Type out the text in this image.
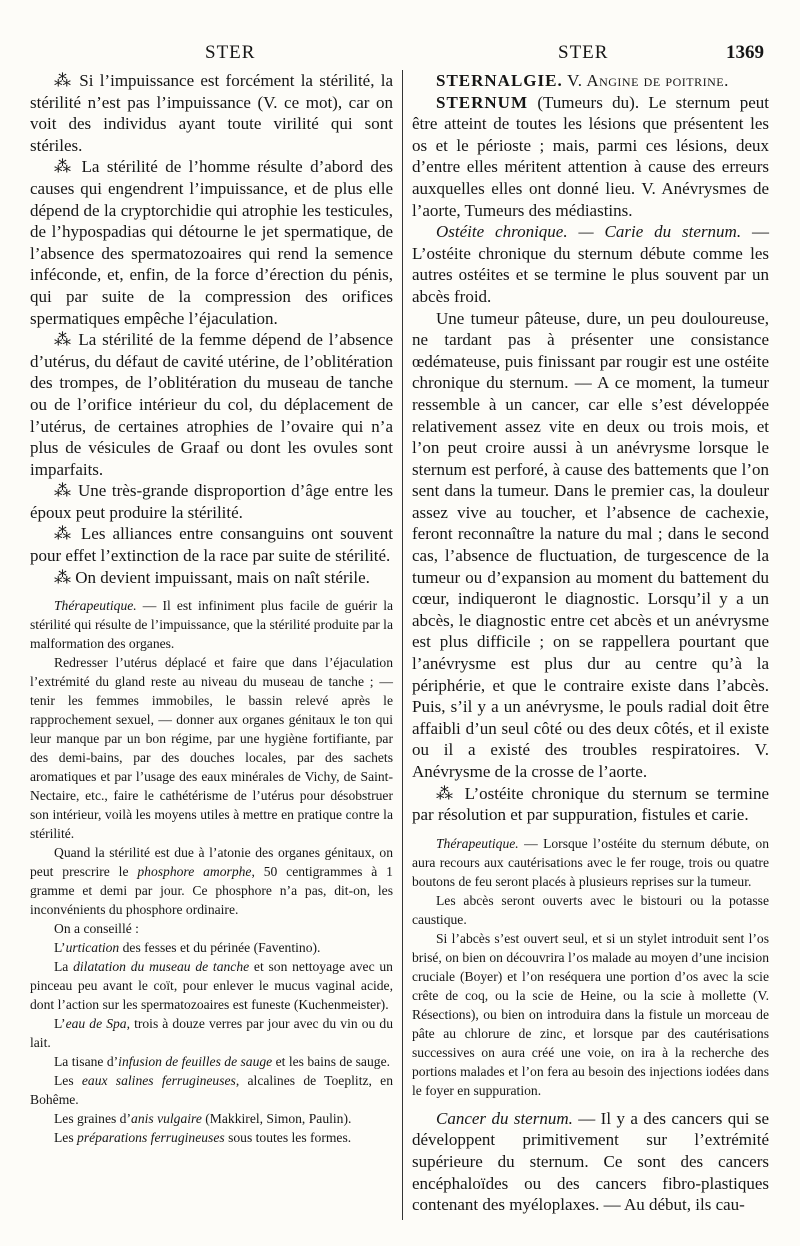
STER	STER	1369

⁂ Si l’impuissance est forcément la stérilité, la stérilité n’est pas l’impuissance (V. ce mot), car on voit des individus ayant toute virilité qui sont stériles.

⁂ La stérilité de l’homme résulte d’abord des causes qui engendrent l’impuissance, et de plus elle dépend de la cryptorchidie qui atrophie les testicules, de l’hypospadias qui détourne le jet spermatique, de l’absence des spermatozoaires qui rend la semence inféconde, et, enfin, de la force d’érection du pénis, qui par suite de la compression des orifices spermatiques empêche l’éjaculation.

⁂ La stérilité de la femme dépend de l’absence d’utérus, du défaut de cavité utérine, de l’oblitération des trompes, de l’oblitération du museau de tanche ou de l’orifice intérieur du col, du déplacement de l’utérus, de certaines atrophies de l’ovaire qui n’a plus de vésicules de Graaf ou dont les ovules sont imparfaits.

⁂ Une très-grande disproportion d’âge entre les époux peut produire la stérilité.

⁂ Les alliances entre consanguins ont souvent pour effet l’extinction de la race par suite de stérilité.

⁂ On devient impuissant, mais on naît stérile.

Thérapeutique. — Il est infiniment plus facile de guérir la stérilité qui résulte de l’impuissance, que la stérilité produite par la malformation des organes.

Redresser l’utérus déplacé et faire que dans l’éjaculation l’extrémité du gland reste au niveau du museau de tanche ; — tenir les femmes immobiles, le bassin relevé après le rapprochement sexuel, — donner aux organes génitaux le ton qui leur manque par un bon régime, par une hygiène fortifiante, par des demi-bains, par des douches locales, par des sachets aromatiques et par l’usage des eaux minérales de Vichy, de Saint-Nectaire, etc., faire le cathétérisme de l’utérus pour désobstruer son intérieur, voilà les moyens utiles à mettre en pratique contre la stérilité.

Quand la stérilité est due à l’atonie des organes génitaux, on peut prescrire le phosphore amorphe, 50 centigrammes à 1 gramme et demi par jour. Ce phosphore n’a pas, dit-on, les inconvénients du phosphore ordinaire.

On a conseillé :

L’urtication des fesses et du périnée (Faventino).

La dilatation du museau de tanche et son nettoyage avec un pinceau peu avant le coït, pour enlever le mucus vaginal acide, dont l’action sur les spermatozoaires est funeste (Kuchenmeister).

L’eau de Spa, trois à douze verres par jour avec du vin ou du lait.

La tisane d’infusion de feuilles de sauge et les bains de sauge.

Les eaux salines ferrugineuses, alcalines de Toeplitz, en Bohême.

Les graines d’anis vulgaire (Makkirel, Simon, Paulin).

Les préparations ferrugineuses sous toutes les formes.

STERNALGIE. V. Angine de poitrine.

STERNUM (Tumeurs du). Le sternum peut être atteint de toutes les lésions que présentent les os et le périoste ; mais, parmi ces lésions, deux d’entre elles méritent attention à cause des erreurs auxquelles elles ont donné lieu. V. Anévrysmes de l’aorte, Tumeurs des médiastins.

Ostéite chronique. — Carie du sternum. — L’ostéite chronique du sternum débute comme les autres ostéites et se termine le plus souvent par un abcès froid.

Une tumeur pâteuse, dure, un peu douloureuse, ne tardant pas à présenter une consistance œdémateuse, puis finissant par rougir est une ostéite chronique du sternum. — A ce moment, la tumeur ressemble à un cancer, car elle s’est développée relativement assez vite en deux ou trois mois, et l’on peut croire aussi à un anévrysme lorsque le sternum est perforé, à cause des battements que l’on sent dans la tumeur. Dans le premier cas, la douleur assez vive au toucher, et l’absence de cachexie, feront reconnaître la nature du mal ; dans le second cas, l’absence de fluctuation, de turgescence de la tumeur ou d’expansion au moment du battement du cœur, indiqueront le diagnostic. Lorsqu’il y a un abcès, le diagnostic entre cet abcès et un anévrysme est plus difficile ; on se rappellera pourtant que l’anévrysme est plus dur au centre qu’à la périphérie, et que le contraire existe dans l’abcès. Puis, s’il y a un anévrysme, le pouls radial doit être affaibli d’un seul côté ou des deux côtés, et il existe ou il a existé des troubles respiratoires. V. Anévrysme de la crosse de l’aorte.

⁂ L’ostéite chronique du sternum se termine par résolution et par suppuration, fistules et carie.

Thérapeutique. — Lorsque l’ostéite du sternum débute, on aura recours aux cautérisations avec le fer rouge, trois ou quatre boutons de feu seront placés à plusieurs reprises sur la tumeur.

Les abcès seront ouverts avec le bistouri ou la potasse caustique.

Si l’abcès s’est ouvert seul, et si un stylet introduit sent l’os brisé, on bien on découvrira l’os malade au moyen d’une incision cruciale (Boyer) et l’on reséquera une portion d’os avec la scie crête de coq, ou la scie de Heine, ou la scie à mollette (V. Résections), ou bien on introduira dans la fistule un morceau de pâte au chlorure de zinc, et lorsque par des cautérisations successives on aura créé une voie, on ira à la recherche des portions malades et l’on fera au besoin des injections iodées dans le foyer en suppuration.

Cancer du sternum. — Il y a des cancers qui se développent primitivement sur l’extrémité supérieure du sternum. Ce sont des cancers encéphaloïdes ou des cancers fibro-plastiques contenant des myéloplaxes. — Au début, ils cau-
